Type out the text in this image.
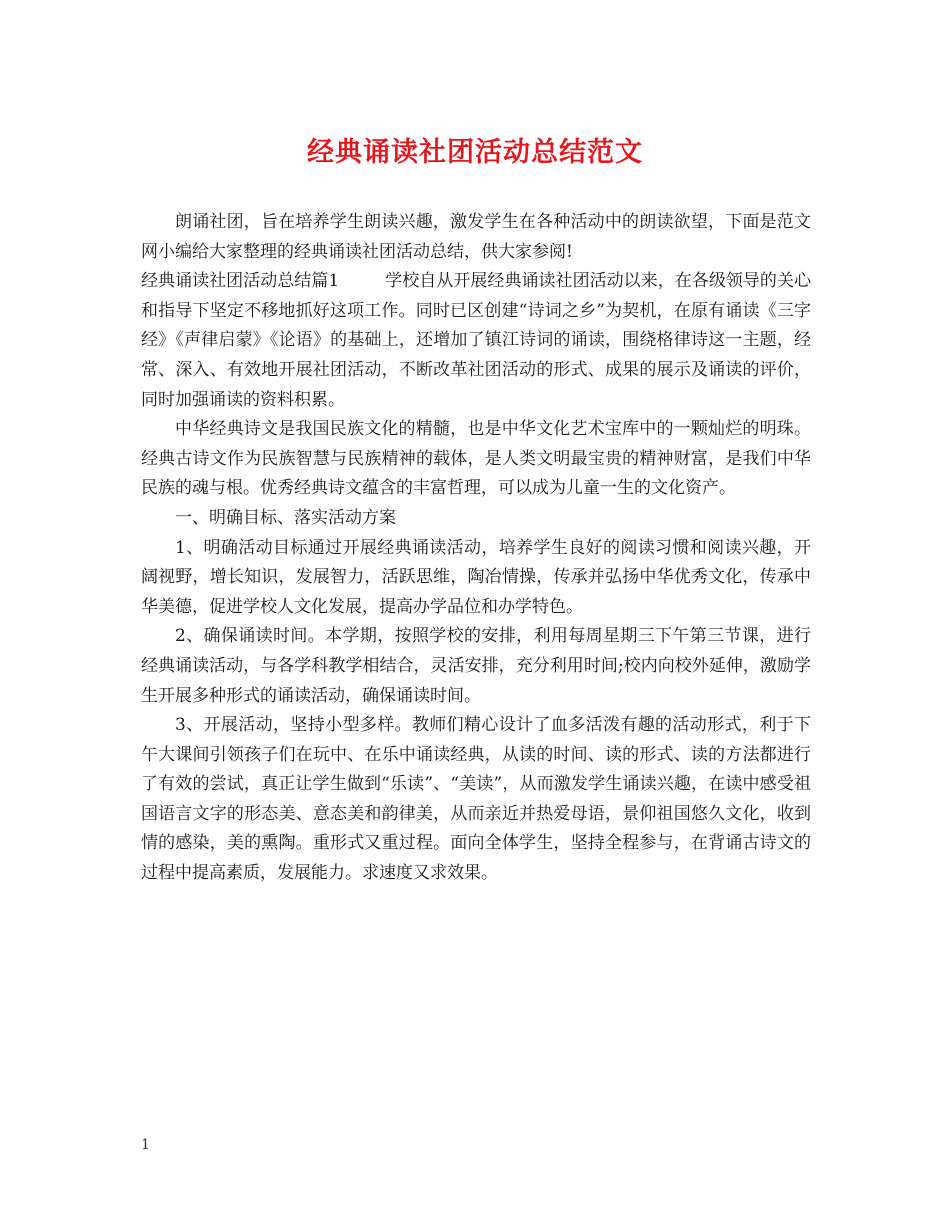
经典诵读社团活动总结范文

朗诵社团，旨在培养学生朗读兴趣，激发学生在各种活动中的朗读欲望，下面是范文网小编给大家整理的经典诵读社团活动总结，供大家参阅!

经典诵读社团活动总结篇1	学校自从开展经典诵读社团活动以来，在各级领导的关心和指导下坚定不移地抓好这项工作。同时已区创建“诗词之乡”为契机，在原有诵读《三字经》《声律启蒙》《论语》的基础上，还增加了镇江诗词的诵读，围绕格律诗这一主题，经常、深入、有效地开展社团活动，不断改革社团活动的形式、成果的展示及诵读的评价，同时加强诵读的资料积累。

中华经典诗文是我国民族文化的精髓，也是中华文化艺术宝库中的一颗灿烂的明珠。经典古诗文作为民族智慧与民族精神的载体，是人类文明最宝贵的精神财富，是我们中华民族的魂与根。优秀经典诗文蕴含的丰富哲理，可以成为儿童一生的文化资产。

一、明确目标、落实活动方案

1、明确活动目标通过开展经典诵读活动，培养学生良好的阅读习惯和阅读兴趣，开阔视野，增长知识，发展智力，活跃思维，陶冶情操，传承并弘扬中华优秀文化，传承中华美德，促进学校人文化发展，提高办学品位和办学特色。

2、确保诵读时间。本学期，按照学校的安排，利用每周星期三下午第三节课，进行经典诵读活动，与各学科教学相结合，灵活安排，充分利用时间;校内向校外延伸，激励学生开展多种形式的诵读活动，确保诵读时间。

3、开展活动，坚持小型多样。教师们精心设计了血多活泼有趣的活动形式，利于下午大课间引领孩子们在玩中、在乐中诵读经典，从读的时间、读的形式、读的方法都进行了有效的尝试，真正让学生做到“乐读”、“美读”，从而激发学生诵读兴趣，在读中感受祖国语言文字的形态美、意态美和韵律美，从而亲近并热爱母语，景仰祖国悠久文化，收到情的感染，美的熏陶。重形式又重过程。面向全体学生，坚持全程参与，在背诵古诗文的过程中提高素质，发展能力。求速度又求效果。

1
